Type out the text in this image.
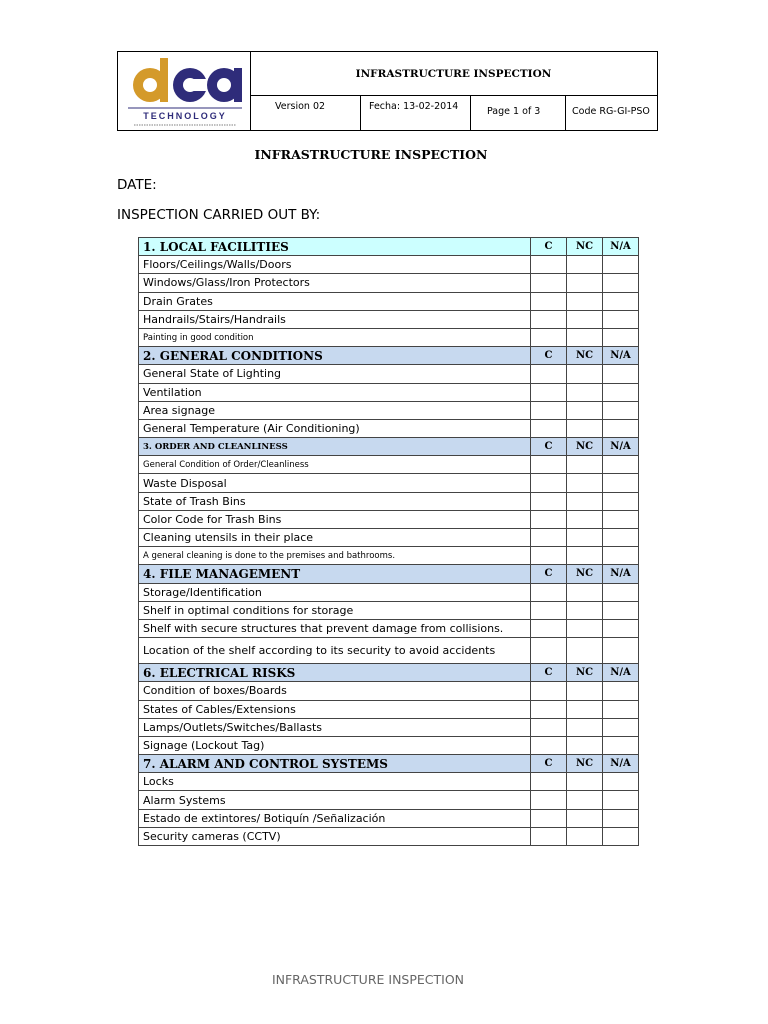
TECHNOLOGY
INFRASTRUCTURE INSPECTION
Version 02	Fecha: 13-02-2014	Page 1 of 3	Code RG-GI-PSO
INFRASTRUCTURE INSPECTION
DATE:
INSPECTION CARRIED OUT BY:
1. LOCAL FACILITIES	C	NC	N/A
Floors/Ceilings/Walls/Doors			
Windows/Glass/Iron Protectors			
Drain Grates			
Handrails/Stairs/Handrails			
Painting in good condition			
2. GENERAL CONDITIONS	C	NC	N/A
General State of Lighting			
Ventilation			
Area signage			
General Temperature (Air Conditioning)			
3. ORDER AND CLEANLINESS	C	NC	N/A
General Condition of Order/Cleanliness			
Waste Disposal			
State of Trash Bins			
Color Code for Trash Bins			
Cleaning utensils in their place			
A general cleaning is done to the premises and bathrooms.			
4. FILE MANAGEMENT	C	NC	N/A
Storage/Identification			
Shelf in optimal conditions for storage			
Shelf with secure structures that prevent damage from collisions.			
Location of the shelf according to its security to avoid accidents			
6. ELECTRICAL RISKS	C	NC	N/A
Condition of boxes/Boards			
States of Cables/Extensions			
Lamps/Outlets/Switches/Ballasts			
Signage (Lockout Tag)			
7. ALARM AND CONTROL SYSTEMS	C	NC	N/A
Locks			
Alarm Systems			
Estado de extintores/ Botiquín /Señalización			
Security cameras (CCTV)			
INFRASTRUCTURE INSPECTION
